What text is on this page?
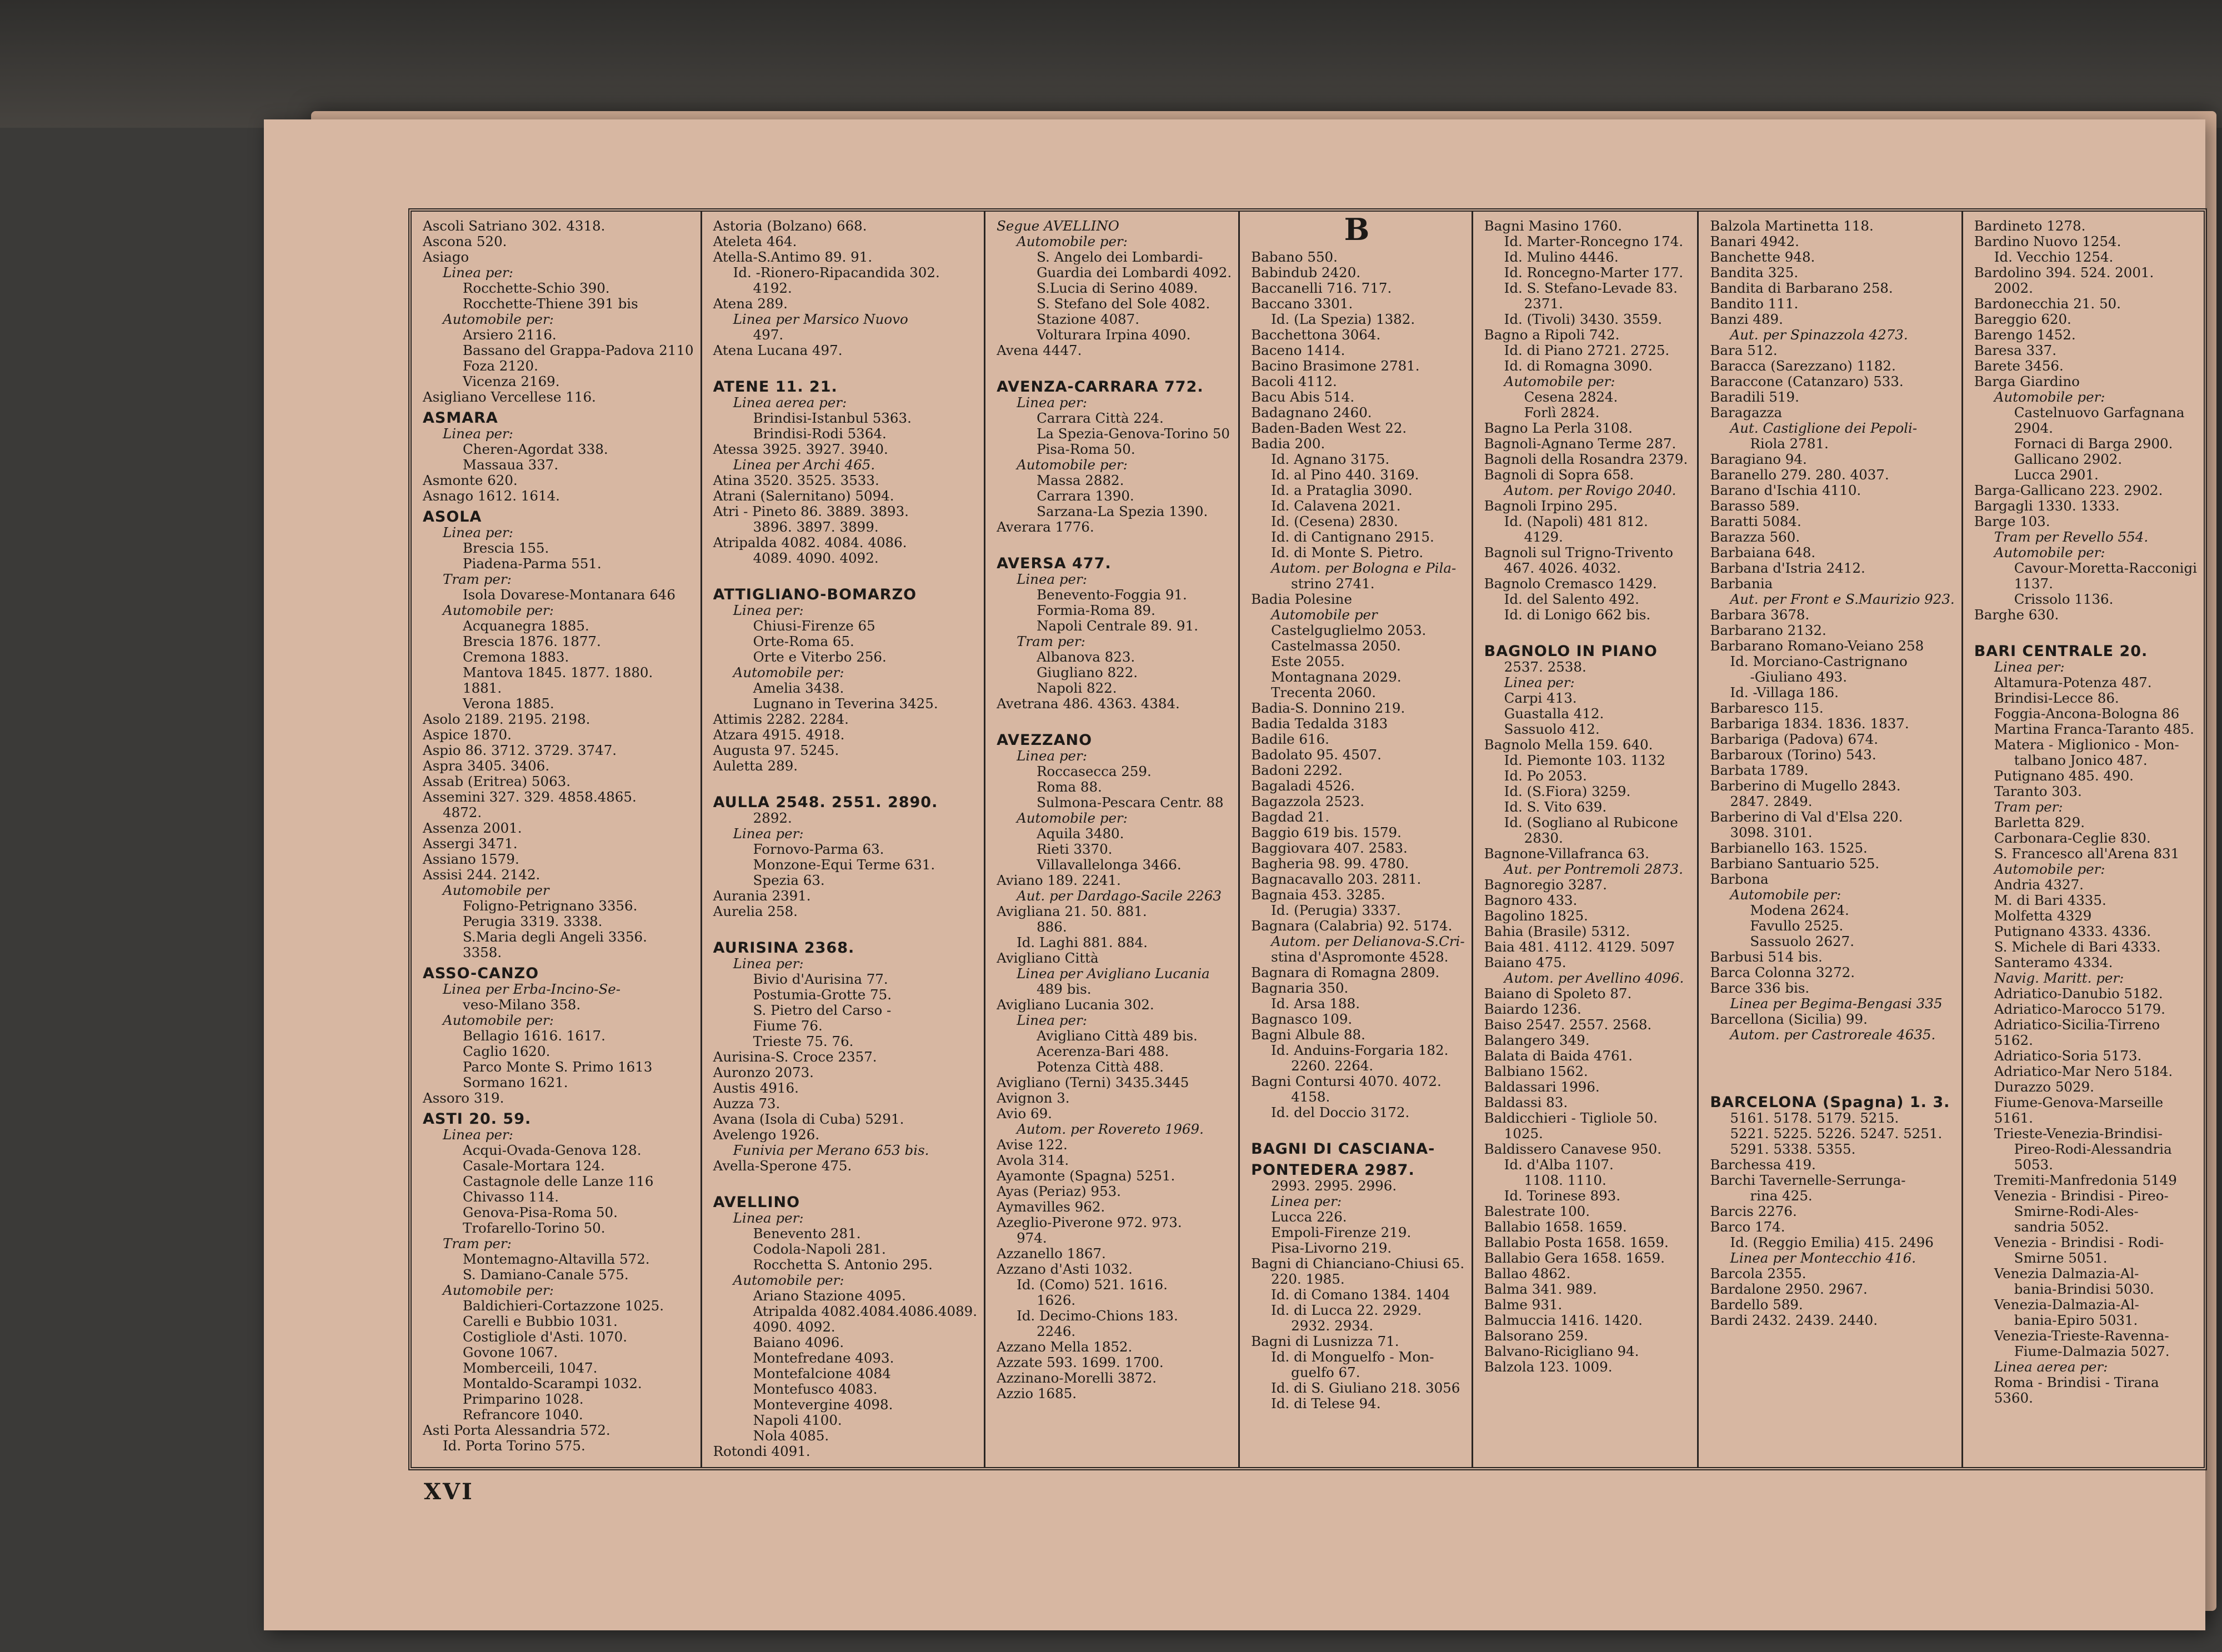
Ascoli Satriano 302. 4318.
Ascona 520.
Asiago
Linea per:
Rocchette-Schio 390.
Rocchette-Thiene 391 bis
Automobile per:
Arsiero 2116.
Bassano del Grappa-Padova 2110
Foza 2120.
Vicenza 2169.
Asigliano Vercellese 116.
ASMARA
Linea per:
Cheren-Agordat 338.
Massaua 337.
Asmonte 620.
Asnago 1612. 1614.
ASOLA
Linea per:
Brescia 155.
Piadena-Parma 551.
Tram per:
Isola Dovarese-Montanara 646
Automobile per:
Acquanegra 1885.
Brescia 1876. 1877.
Cremona 1883.
Mantova 1845. 1877. 1880.
1881.
Verona 1885.
Asolo 2189. 2195. 2198.
Aspice 1870.
Aspio 86. 3712. 3729. 3747.
Aspra 3405. 3406.
Assab (Eritrea) 5063.
Assemini 327. 329. 4858.4865.
4872.
Assenza 2001.
Assergi 3471.
Assiano 1579.
Assisi 244. 2142.
Automobile per
Foligno-Petrignano 3356.
Perugia 3319. 3338.
S.Maria degli Angeli 3356.
3358.
ASSO-CANZO
Linea per Erba-Incino-Se-
veso-Milano 358.
Automobile per:
Bellagio 1616. 1617.
Caglio 1620.
Parco Monte S. Primo 1613
Sormano 1621.
Assoro 319.
ASTI 20. 59.
Linea per:
Acqui-Ovada-Genova 128.
Casale-Mortara 124.
Castagnole delle Lanze 116
Chivasso 114.
Genova-Pisa-Roma 50.
Trofarello-Torino 50.
Tram per:
Montemagno-Altavilla 572.
S. Damiano-Canale 575.
Automobile per:
Baldichieri-Cortazzone 1025.
Carelli e Bubbio 1031.
Costigliole d'Asti. 1070.
Govone 1067.
Momberceili, 1047.
Montaldo-Scarampi 1032.
Primparino 1028.
Refrancore 1040.
Asti Porta Alessandria 572.
Id. Porta Torino 575.
Astoria (Bolzano) 668.
Ateleta 464.
Atella-S.Antimo 89. 91.
Id. -Rionero-Ripacandida 302.
4192.
Atena 289.
Linea per Marsico Nuovo
497.
Atena Lucana 497.

ATENE 11. 21.
Linea aerea per:
Brindisi-Istanbul 5363.
Brindisi-Rodi 5364.
Atessa 3925. 3927. 3940.
Linea per Archi 465.
Atina 3520. 3525. 3533.
Atrani (Salernitano) 5094.
Atri - Pineto 86. 3889. 3893.
3896. 3897. 3899.
Atripalda 4082. 4084. 4086.
4089. 4090. 4092.

ATTIGLIANO-BOMARZO
Linea per:
Chiusi-Firenze 65
Orte-Roma 65.
Orte e Viterbo 256.
Automobile per:
Amelia 3438.
Lugnano in Teverina 3425.
Attimis 2282. 2284.
Atzara 4915. 4918.
Augusta 97. 5245.
Auletta 289.

AULLA 2548. 2551. 2890.
2892.
Linea per:
Fornovo-Parma 63.
Monzone-Equi Terme 631.
Spezia 63.
Aurania 2391.
Aurelia 258.

AURISINA 2368.
Linea per:
Bivio d'Aurisina 77.
Postumia-Grotte 75.
S. Pietro del Carso -
Fiume 76.
Trieste 75. 76.
Aurisina-S. Croce 2357.
Auronzo 2073.
Austis 4916.
Auzza 73.
Avana (Isola di Cuba) 5291.
Avelengo 1926.
Funivia per Merano 653 bis.
Avella-Sperone 475.

AVELLINO
Linea per:
Benevento 281.
Codola-Napoli 281.
Rocchetta S. Antonio 295.
Automobile per:
Ariano Stazione 4095.
Atripalda 4082.4084.4086.4089.
4090. 4092.
Baiano 4096.
Montefredane 4093.
Montefalcione 4084
Montefusco 4083.
Montevergine 4098.
Napoli 4100.
Nola 4085.
Rotondi 4091.
Segue AVELLINO
Automobile per:
S. Angelo dei Lombardi-
Guardia dei Lombardi 4092.
S.Lucia di Serino 4089.
S. Stefano del Sole 4082.
Stazione 4087.
Volturara Irpina 4090.
Avena 4447.

AVENZA-CARRARA 772.
Linea per:
Carrara Città 224.
La Spezia-Genova-Torino 50
Pisa-Roma 50.
Automobile per:
Massa 2882.
Carrara 1390.
Sarzana-La Spezia 1390.
Averara 1776.

AVERSA 477.
Linea per:
Benevento-Foggia 91.
Formia-Roma 89.
Napoli Centrale 89. 91.
Tram per:
Albanova 823.
Giugliano 822.
Napoli 822.
Avetrana 486. 4363. 4384.

AVEZZANO
Linea per:
Roccasecca 259.
Roma 88.
Sulmona-Pescara Centr. 88
Automobile per:
Aquila 3480.
Rieti 3370.
Villavallelonga 3466.
Aviano 189. 2241.
Aut. per Dardago-Sacile 2263
Avigliana 21. 50. 881.
886.
Id. Laghi 881. 884.
Avigliano Città
Linea per Avigliano Lucania
489 bis.
Avigliano Lucania 302.
Linea per:
Avigliano Città 489 bis.
Acerenza-Bari 488.
Potenza Città 488.
Avigliano (Terni) 3435.3445
Avignon 3.
Avio 69.
Autom. per Rovereto 1969.
Avise 122.
Avola 314.
Ayamonte (Spagna) 5251.
Ayas (Periaz) 953.
Aymavilles 962.
Azeglio-Piverone 972. 973.
974.
Azzanello 1867.
Azzano d'Asti 1032.
Id. (Como) 521. 1616.
1626.
Id. Decimo-Chions 183.
2246.
Azzano Mella 1852.
Azzate 593. 1699. 1700.
Azzinano-Morelli 3872.
Azzio 1685.
B
Babano 550.
Babindub 2420.
Baccanelli 716. 717.
Baccano 3301.
Id. (La Spezia) 1382.
Bacchettona 3064.
Baceno 1414.
Bacino Brasimone 2781.
Bacoli 4112.
Bacu Abis 514.
Badagnano 2460.
Baden-Baden West 22.
Badia 200.
Id. Agnano 3175.
Id. al Pino 440. 3169.
Id. a Prataglia 3090.
Id. Calavena 2021.
Id. (Cesena) 2830.
Id. di Cantignano 2915.
Id. di Monte S. Pietro.
Autom. per Bologna e Pila-
strino 2741.
Badia Polesine
Automobile per
Castelguglielmo 2053.
Castelmassa 2050.
Este 2055.
Montagnana 2029.
Trecenta 2060.
Badia-S. Donnino 219.
Badia Tedalda 3183
Badile 616.
Badolato 95. 4507.
Badoni 2292.
Bagaladi 4526.
Bagazzola 2523.
Bagdad 21.
Baggio 619 bis. 1579.
Baggiovara 407. 2583.
Bagheria 98. 99. 4780.
Bagnacavallo 203. 2811.
Bagnaia 453. 3285.
Id. (Perugia) 3337.
Bagnara (Calabria) 92. 5174.
Autom. per Delianova-S.Cri-
stina d'Aspromonte 4528.
Bagnara di Romagna 2809.
Bagnaria 350.
Id. Arsa 188.
Bagnasco 109.
Bagni Albule 88.
Id. Anduins-Forgaria 182.
2260. 2264.
Bagni Contursi 4070. 4072.
4158.
Id. del Doccio 3172.

BAGNI DI CASCIANA-
PONTEDERA 2987.
2993. 2995. 2996.
Linea per:
Lucca 226.
Empoli-Firenze 219.
Pisa-Livorno 219.
Bagni di Chianciano-Chiusi 65.
220. 1985.
Id. di Comano 1384. 1404
Id. di Lucca 22. 2929.
2932. 2934.
Bagni di Lusnizza 71.
Id. di Monguelfo - Mon-
guelfo 67.
Id. di S. Giuliano 218. 3056
Id. di Telese 94.
Bagni Masino 1760.
Id. Marter-Roncegno 174.
Id. Mulino 4446.
Id. Roncegno-Marter 177.
Id. S. Stefano-Levade 83.
2371.
Id. (Tivoli) 3430. 3559.
Bagno a Ripoli 742.
Id. di Piano 2721. 2725.
Id. di Romagna 3090.
Automobile per:
Cesena 2824.
Forlì 2824.
Bagno La Perla 3108.
Bagnoli-Agnano Terme 287.
Bagnoli della Rosandra 2379.
Bagnoli di Sopra 658.
Autom. per Rovigo 2040.
Bagnoli Irpino 295.
Id. (Napoli) 481 812.
4129.
Bagnoli sul Trigno-Trivento
467. 4026. 4032.
Bagnolo Cremasco 1429.
Id. del Salento 492.
Id. di Lonigo 662 bis.

BAGNOLO IN PIANO
2537. 2538.
Linea per:
Carpi 413.
Guastalla 412.
Sassuolo 412.
Bagnolo Mella 159. 640.
Id. Piemonte 103. 1132
Id. Po 2053.
Id. (S.Fiora) 3259.
Id. S. Vito 639.
Id. (Sogliano al Rubicone
2830.
Bagnone-Villafranca 63.
Aut. per Pontremoli 2873.
Bagnoregio 3287.
Bagnoro 433.
Bagolino 1825.
Bahia (Brasile) 5312.
Baia 481. 4112. 4129. 5097
Baiano 475.
Autom. per Avellino 4096.
Baiano di Spoleto 87.
Baiardo 1236.
Baiso 2547. 2557. 2568.
Balangero 349.
Balata di Baida 4761.
Balbiano 1562.
Baldassari 1996.
Baldassi 83.
Baldicchieri - Tigliole 50.
1025.
Baldissero Canavese 950.
Id. d'Alba 1107.
1108. 1110.
Id. Torinese 893.
Balestrate 100.
Ballabio 1658. 1659.
Ballabio Posta 1658. 1659.
Ballabio Gera 1658. 1659.
Ballao 4862.
Balma 341. 989.
Balme 931.
Balmuccia 1416. 1420.
Balsorano 259.
Balvano-Ricigliano 94.
Balzola 123. 1009.
Balzola Martinetta 118.
Banari 4942.
Banchette 948.
Bandita 325.
Bandita di Barbarano 258.
Bandito 111.
Banzi 489.
Aut. per Spinazzola 4273.
Bara 512.
Baracca (Sarezzano) 1182.
Baraccone (Catanzaro) 533.
Baradili 519.
Baragazza
Aut. Castiglione dei Pepoli-
Riola 2781.
Baragiano 94.
Baranello 279. 280. 4037.
Barano d'Ischia 4110.
Barasso 589.
Baratti 5084.
Barazza 560.
Barbaiana 648.
Barbana d'Istria 2412.
Barbania
Aut. per Front e S.Maurizio 923.
Barbara 3678.
Barbarano 2132.
Barbarano Romano-Veiano 258
Id. Morciano-Castrignano
-Giuliano 493.
Id. -Villaga 186.
Barbaresco 115.
Barbariga 1834. 1836. 1837.
Barbariga (Padova) 674.
Barbaroux (Torino) 543.
Barbata 1789.
Barberino di Mugello 2843.
2847. 2849.
Barberino di Val d'Elsa 220.
3098. 3101.
Barbianello 163. 1525.
Barbiano Santuario 525.
Barbona
Automobile per:
Modena 2624.
Favullo 2525.
Sassuolo 2627.
Barbusi 514 bis.
Barca Colonna 3272.
Barce 336 bis.
Linea per Begima-Bengasi 335
Barcellona (Sicilia) 99.
Autom. per Castroreale 4635.

BARCELONA (Spagna) 1. 3.
5161. 5178. 5179. 5215.
5221. 5225. 5226. 5247. 5251.
5291. 5338. 5355.
Barchessa 419.
Barchi Tavernelle-Serrunga-
rina 425.
Barcis 2276.
Barco 174.
Id. (Reggio Emilia) 415. 2496
Linea per Montecchio 416.
Barcola 2355.
Bardalone 2950. 2967.
Bardello 589.
Bardi 2432. 2439. 2440.
Bardineto 1278.
Bardino Nuovo 1254.
Id. Vecchio 1254.
Bardolino 394. 524. 2001.
2002.
Bardonecchia 21. 50.
Bareggio 620.
Barengo 1452.
Baresa 337.
Barete 3456.
Barga Giardino
Automobile per:
Castelnuovo Garfagnana
2904.
Fornaci di Barga 2900.
Gallicano 2902.
Lucca 2901.
Barga-Gallicano 223. 2902.
Bargagli 1330. 1333.
Barge 103.
Tram per Revello 554.
Automobile per:
Cavour-Moretta-Racconigi
1137.
Crissolo 1136.
Barghe 630.

BARI CENTRALE 20.
Linea per:
Altamura-Potenza 487.
Brindisi-Lecce 86.
Foggia-Ancona-Bologna 86
Martina Franca-Taranto 485.
Matera - Miglionico - Mon-
talbano Jonico 487.
Putignano 485. 490.
Taranto 303.
Tram per:
Barletta 829.
Carbonara-Ceglie 830.
S. Francesco all'Arena 831
Automobile per:
Andria 4327.
M. di Bari 4335.
Molfetta 4329
Putignano 4333. 4336.
S. Michele di Bari 4333.
Santeramo 4334.
Navig. Maritt. per:
Adriatico-Danubio 5182.
Adriatico-Marocco 5179.
Adriatico-Sicilia-Tirreno
5162.
Adriatico-Soria 5173.
Adriatico-Mar Nero 5184.
Durazzo 5029.
Fiume-Genova-Marseille
5161.
Trieste-Venezia-Brindisi-
Pireo-Rodi-Alessandria
5053.
Tremiti-Manfredonia 5149
Venezia - Brindisi - Pireo-
Smirne-Rodi-Ales-
sandria 5052.
Venezia - Brindisi - Rodi-
Smirne 5051.
Venezia Dalmazia-Al-
bania-Brindisi 5030.
Venezia-Dalmazia-Al-
bania-Epiro 5031.
Venezia-Trieste-Ravenna-
Fiume-Dalmazia 5027.
Linea aerea per:
Roma - Brindisi - Tirana
5360.
XVI
